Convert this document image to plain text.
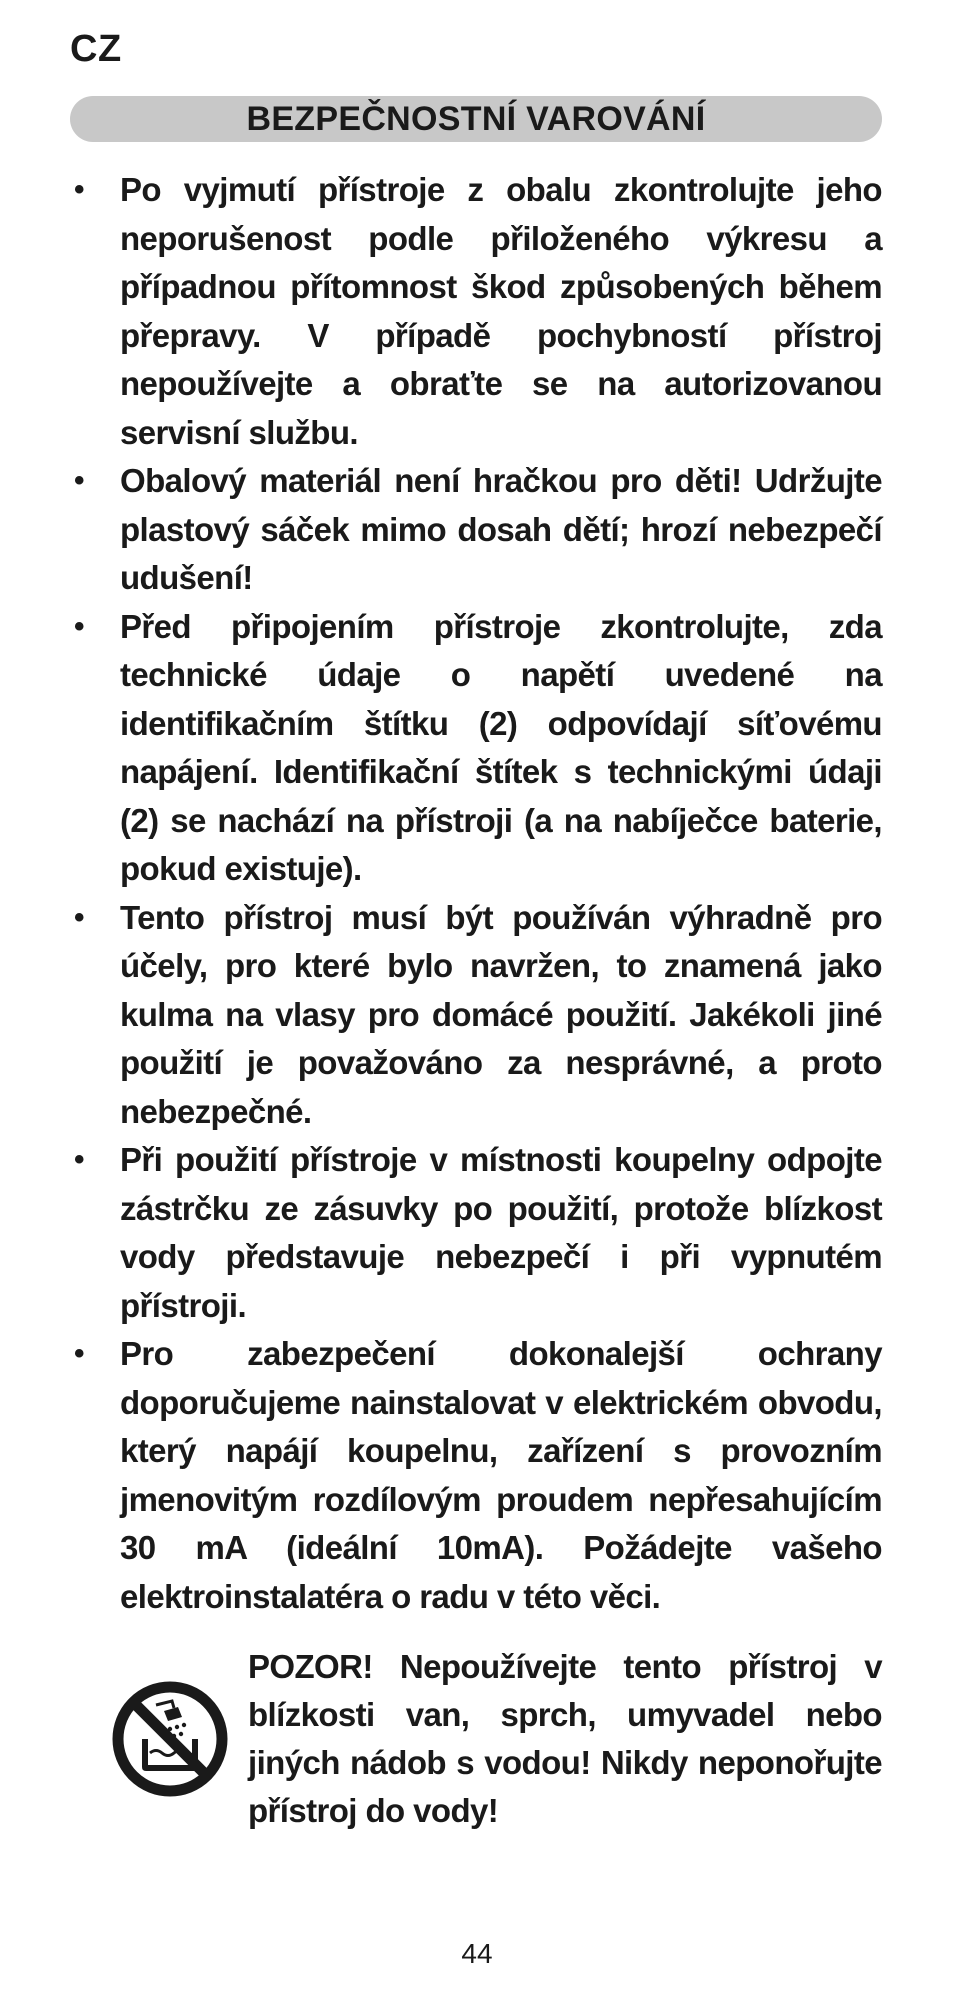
CZ
BEZPEČNOSTNÍ VAROVÁNÍ
• Po vyjmutí přístroje z obalu zkontrolujte jeho neporušenost podle přiloženého výkresu a případnou přítomnost škod způsobených během přepravy. V případě pochybností přístroj nepoužívejte a obraťte se na autorizovanou servisní službu.
• Obalový materiál není hračkou pro děti! Udržujte plastový sáček mimo dosah dětí; hrozí nebezpečí udušení!
• Před připojením přístroje zkontrolujte, zda technické údaje o napětí uvedené na identifikačním štítku (2) odpovídají síťovému napájení. Identifikační štítek s technickými údaji (2) se nachází na přístroji (a na nabíječce baterie, pokud existuje).
• Tento přístroj musí být používán výhradně pro účely, pro které bylo navržen, to znamená jako kulma na vlasy pro domácé použití. Jakékoli jiné použití je považováno za nesprávné, a proto nebezpečné.
• Při použití přístroje v místnosti koupelny odpojte zástrčku ze zásuvky po použití, protože blízkost vody představuje nebezpečí i při vypnutém přístroji.
• Pro zabezpečení dokonalejší ochrany doporučujeme nainstalovat v elektrickém obvodu, který napájí koupelnu, zařízení s provozním jmenovitým rozdílovým proudem nepřesahujícím 30 mA (ideální 10mA). Požádejte vašeho elektroinstalatéra o radu v této věci.
POZOR! Nepoužívejte tento přístroj v blízkosti van, sprch, umyvadel nebo jiných nádob s vodou! Nikdy neponořujte přístroj do vody!
44
